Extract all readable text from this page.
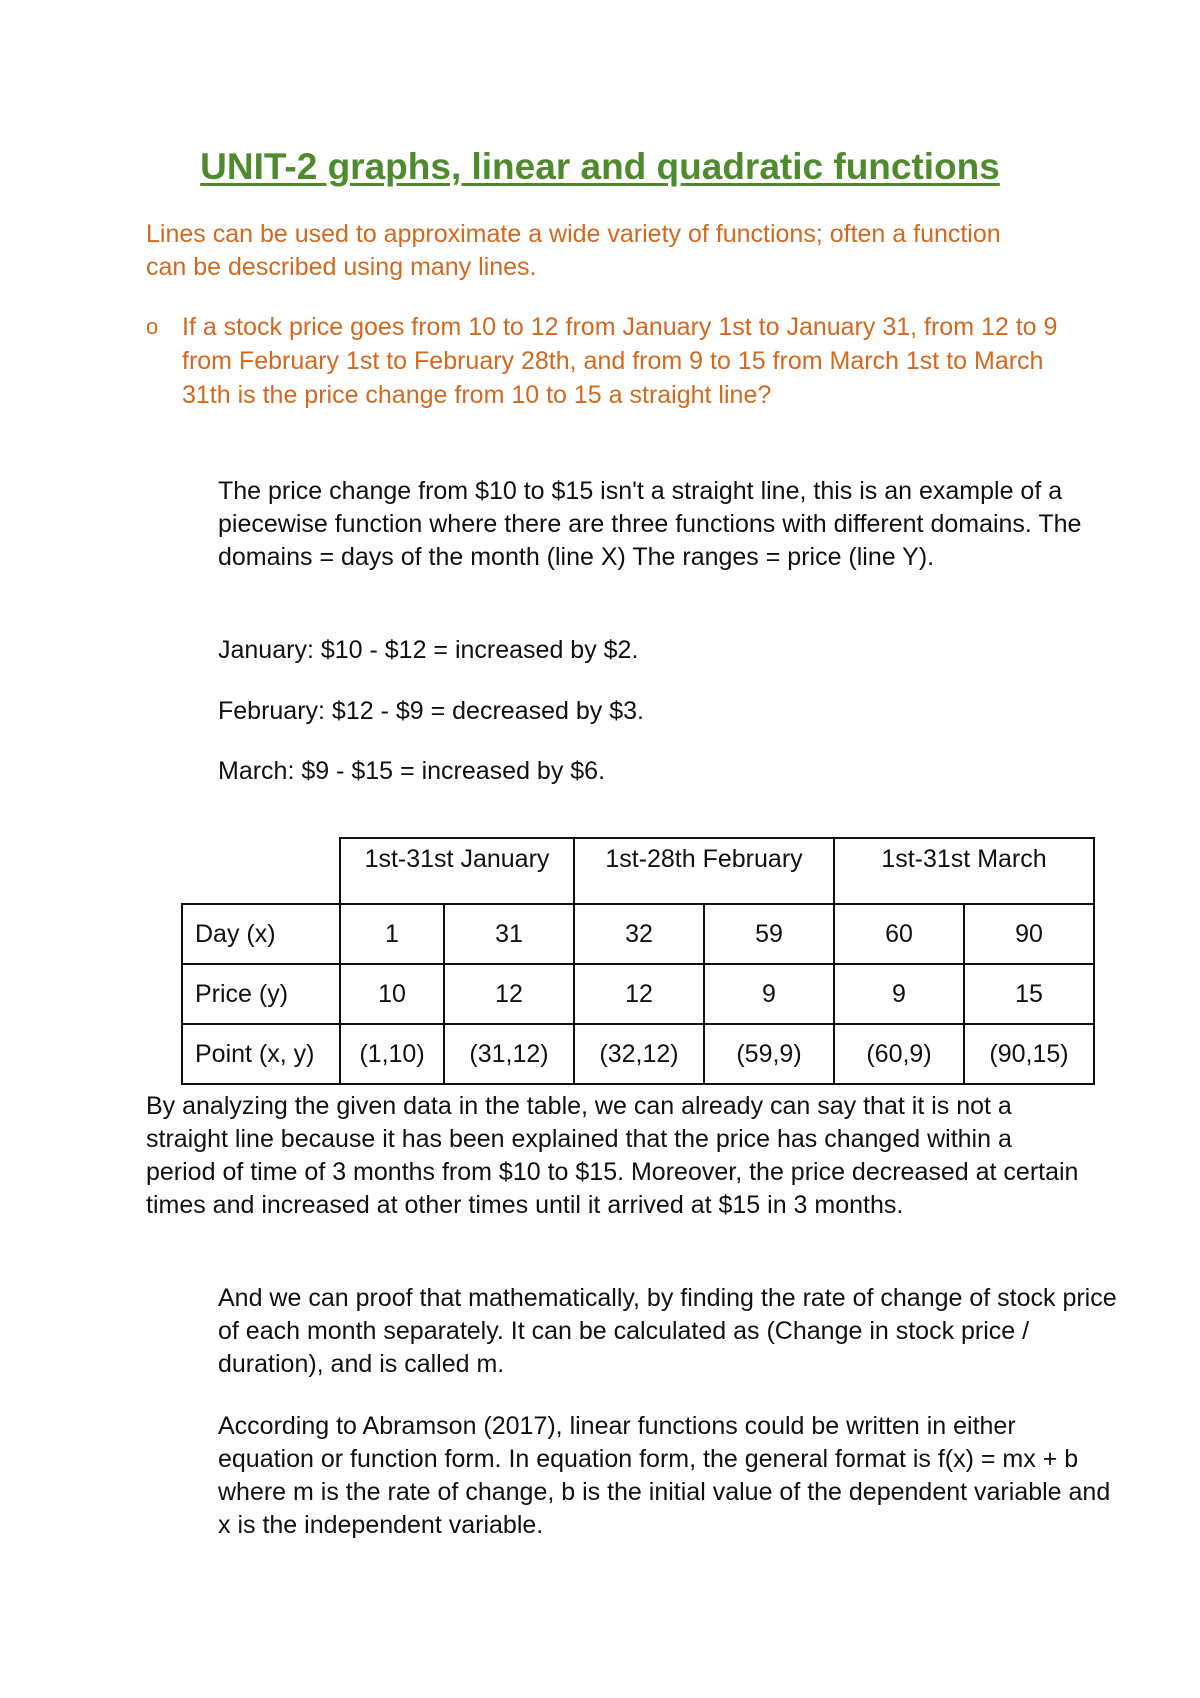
UNIT-2 graphs, linear and quadratic functions
Lines can be used to approximate a wide variety of functions; often a function can be described using many lines.
o If a stock price goes from 10 to 12 from January 1st to January 31, from 12 to 9 from February 1st to February 28th, and from 9 to 15 from March 1st to March 31th is the price change from 10 to 15 a straight line?
The price change from $10 to $15 isn't a straight line, this is an example of a piecewise function where there are three functions with different domains. The domains = days of the month (line X) The ranges = price (line Y).
January: $10 - $12 = increased by $2.
February: $12 - $9 = decreased by $3.
March: $9 - $15 = increased by $6.
	1st-31st January		1st-28th February		1st-31st March	
Day (x)	1	31	32	59	60	90
Price (y)	10	12	12	9	9	15
Point (x, y)	(1,10)	(31,12)	(32,12)	(59,9)	(60,9)	(90,15)
By analyzing the given data in the table, we can already can say that it is not a straight line because it has been explained that the price has changed within a period of time of 3 months from $10 to $15. Moreover, the price decreased at certain times and increased at other times until it arrived at $15 in 3 months.
And we can proof that mathematically, by finding the rate of change of stock price of each month separately. It can be calculated as (Change in stock price / duration), and is called m.
According to Abramson (2017), linear functions could be written in either equation or function form. In equation form, the general format is f(x) = mx + b where m is the rate of change, b is the initial value of the dependent variable and x is the independent variable.
